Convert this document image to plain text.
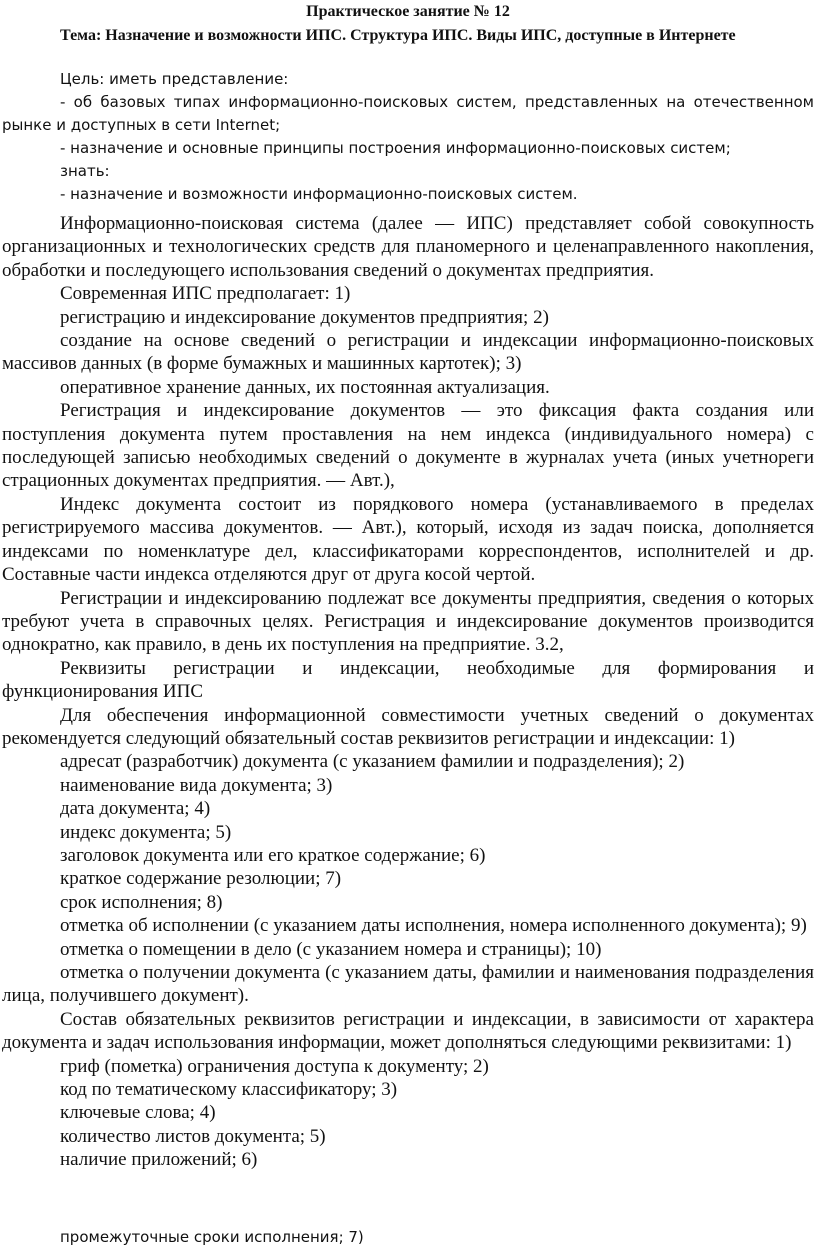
Практическое занятие № 12
Тема: Назначение и возможности ИПС. Структура ИПС. Виды ИПС, доступные в Интернете

Цель: иметь представление:

- об базовых типах информационно-поисковых систем, представленных на отечественном рынке и доступных в сети Internet;

- назначение и основные принципы построения информационно-поисковых систем;

знать:

- назначение и возможности информационно-поисковых систем.

Информационно-поисковая система (далее — ИПС) представляет собой совокупность организационных и технологических средств для планомерного и целенаправленного накопления, обработки и последующего использования сведений о документах предприятия.

Современная ИПС предполагает: 1)

регистрацию и индексирование документов предприятия; 2)

создание на основе сведений о регистрации и индексации информационно-поисковых массивов данных (в форме бумажных и машинных картотек); 3)

оперативное хранение данных, их постоянная актуализация.

Регистрация и индексирование документов — это фиксация факта создания или поступления документа путем проставления на нем индекса (индивидуального номера) с последующей записью необходимых сведений о документе в журналах учета (иных учетнореги страционных документах предприятия. — Авт.),

Индекс документа состоит из порядкового номера (устанавливаемого в пределах регистрируемого массива документов. — Авт.), который, исходя из задач поиска, дополняется индексами по номенклатуре дел, классификаторами корреспондентов, исполнителей и др. Составные части индекса отделяются друг от друга косой чертой.

Регистрации и индексированию подлежат все документы предприятия, сведения о которых требуют учета в справочных целях. Регистрация и индексирование документов производится однократно, как правило, в день их поступления на предприятие. 3.2,

Реквизиты регистрации и индексации, необходимые для формирования и функционирования ИПС

Для обеспечения информационной совместимости учетных сведений о документах рекомендуется следующий обязательный состав реквизитов регистрации и индексации: 1)

адресат (разработчик) документа (с указанием фамилии и подразделения); 2)

наименование вида документа; 3)

дата документа; 4)

индекс документа; 5)

заголовок документа или его краткое содержание; 6)

краткое содержание резолюции; 7)

срок исполнения; 8)

отметка об исполнении (с указанием даты исполнения, номера исполненного документа); 9)

отметка о помещении в дело (с указанием номера и страницы); 10)

отметка о получении документа (с указанием даты, фамилии и наименования подразделения лица, получившего документ).

Состав обязательных реквизитов регистрации и индексации, в зависимости от характера документа и задач использования информации, может дополняться следующими реквизитами: 1)

гриф (пометка) ограничения доступа к документу; 2)

код по тематическому классификатору; 3)

ключевые слова; 4)

количество листов документа; 5)

наличие приложений; 6)

промежуточные сроки исполнения; 7)
